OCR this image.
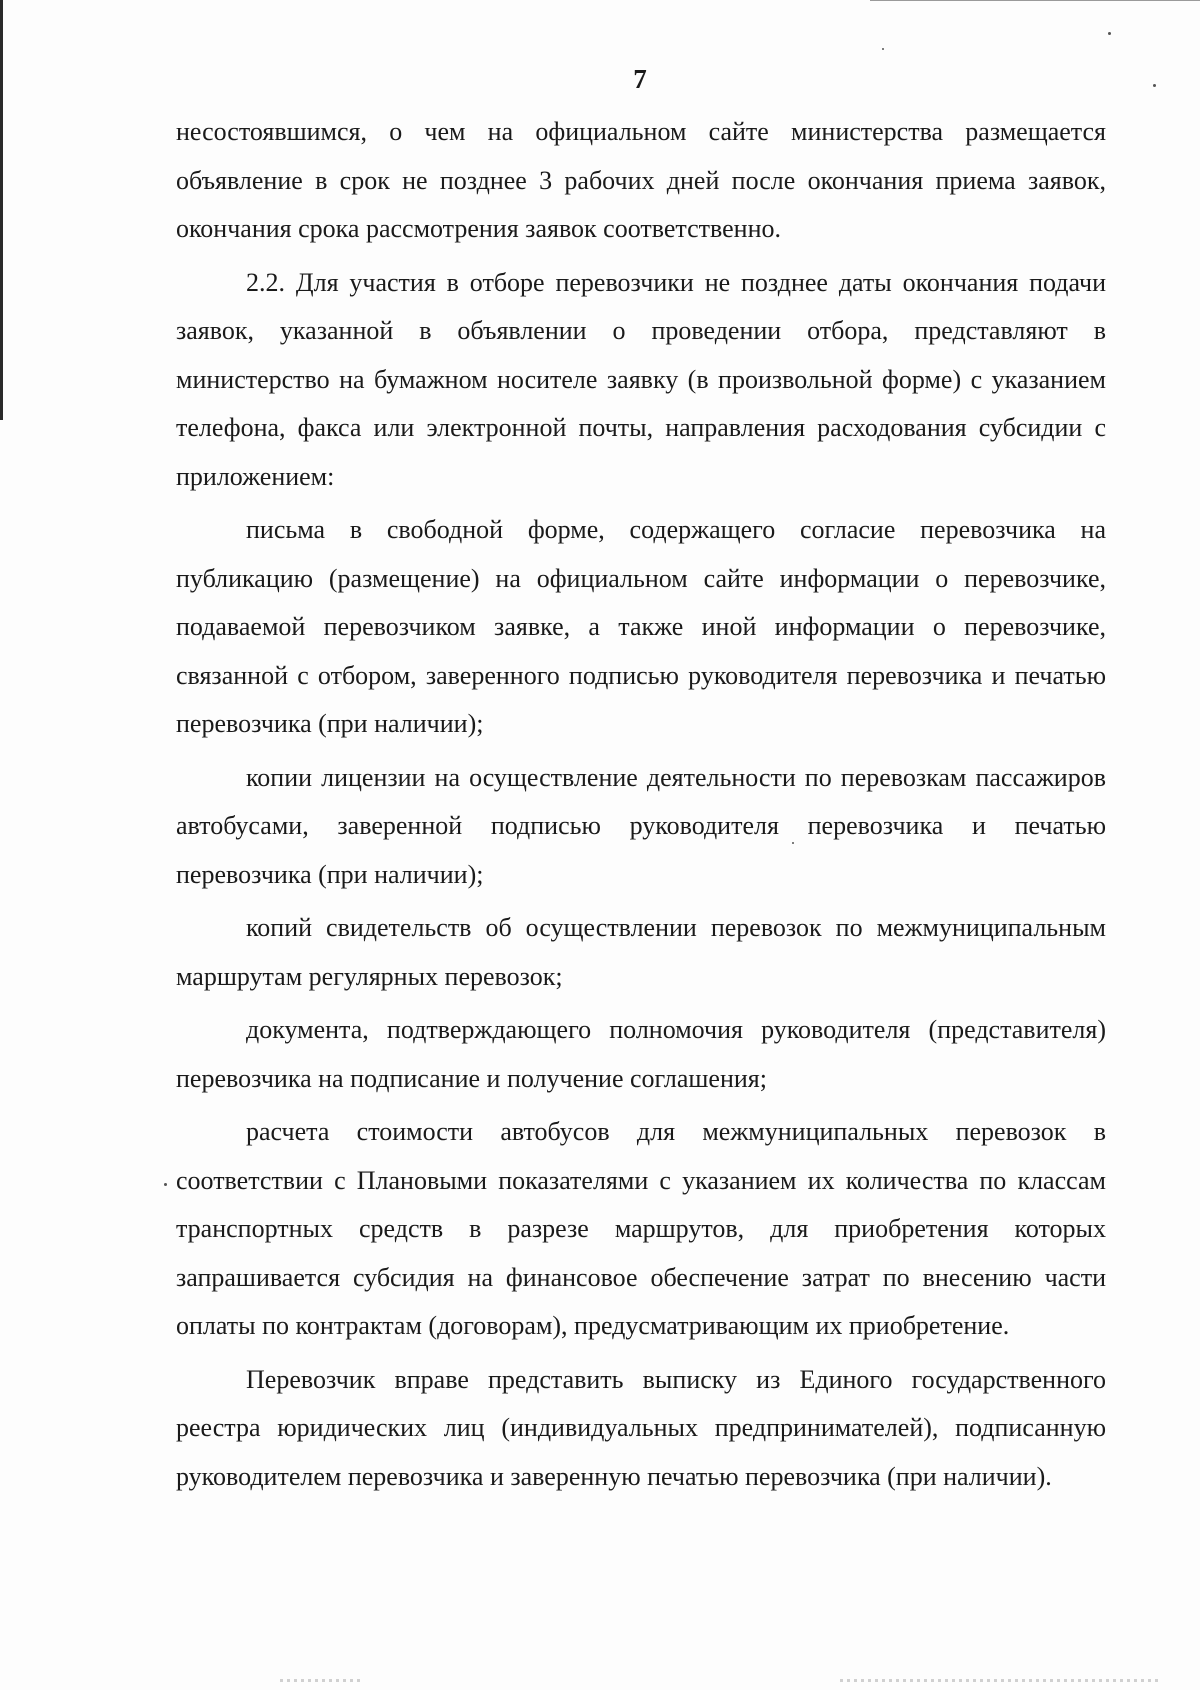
7

несостоявшимся, о чем на официальном сайте министерства размещается объявление в срок не позднее 3 рабочих дней после окончания приема заявок, окончания срока рассмотрения заявок соответственно.

2.2. Для участия в отборе перевозчики не позднее даты окончания подачи заявок, указанной в объявлении о проведении отбора, представляют в министерство на бумажном носителе заявку (в произвольной форме) с указанием телефона, факса или электронной почты, направления расходования субсидии с приложением:

письма в свободной форме, содержащего согласие перевозчика на публикацию (размещение) на официальном сайте информации о перевозчике, подаваемой перевозчиком заявке, а также иной информации о перевозчике, связанной с отбором, заверенного подписью руководителя перевозчика и печатью перевозчика (при наличии);

копии лицензии на осуществление деятельности по перевозкам пассажиров автобусами, заверенной подписью руководителя перевозчика и печатью перевозчика (при наличии);

копий свидетельств об осуществлении перевозок по межмуниципальным маршрутам регулярных перевозок;

документа, подтверждающего полномочия руководителя (представителя) перевозчика на подписание и получение соглашения;

расчета стоимости автобусов для межмуниципальных перевозок в соответствии с Плановыми показателями с указанием их количества по классам транспортных средств в разрезе маршрутов, для приобретения которых запрашивается субсидия на финансовое обеспечение затрат по внесению части оплаты по контрактам (договорам), предусматривающим их приобретение.

Перевозчик вправе представить выписку из Единого государственного реестра юридических лиц (индивидуальных предпринимателей), подписанную руководителем перевозчика и заверенную печатью перевозчика (при наличии).
